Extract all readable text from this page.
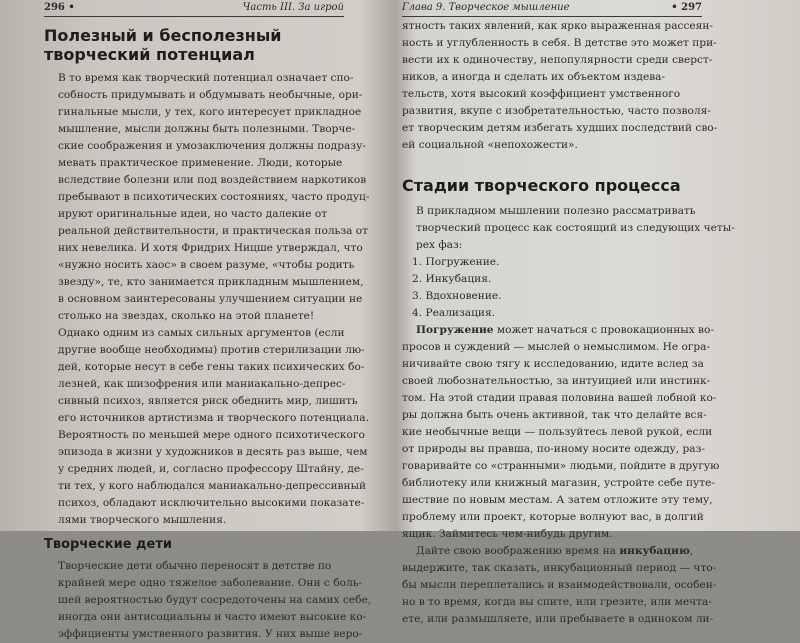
296 •	Часть III. За игрой
Полезный и бесполезный творческий потенциал

В то время как творческий потенциал означает спо-
собность придумывать и обдумывать необычные, ори-
гинальные мысли, у тех, кого интересует прикладное
мышление, мысли должны быть полезными. Творче-
ские соображения и умозаключения должны подразу-
мевать практическое применение. Люди, которые
вследствие болезни или под воздействием наркотиков
пребывают в психотических состояниях, часто продуц-
ируют оригинальные идеи, но часто далекие от
реальной действительности, и практическая польза от
них невелика. И хотя Фридрих Ницше утверждал, что
«нужно носить хаос» в своем разуме, «чтобы родить
звезду», те, кто занимается прикладным мышлением,
в основном заинтересованы улучшением ситуации не
столько на звездах, сколько на этой планете!

Однако одним из самых сильных аргументов (если
другие вообще необходимы) против стерилизации лю-
дей, которые несут в себе гены таких психических бо-
лезней, как шизофрения или маниакально-депрес-
сивный психоз, является риск обеднить мир, лишить
его источников артистизма и творческого потенциала.
Вероятность по меньшей мере одного психотического
эпизода в жизни у художников в десять раз выше, чем
у средних людей, и, согласно профессору Штайну, де-
ти тех, у кого наблюдался маниакально-депрессивный
психоз, обладают исключительно высокими показате-
лями творческого мышления.

Творческие дети

Творческие дети обычно переносят в детстве по
крайней мере одно тяжелое заболевание. Они с боль-
шей вероятностью будут сосредоточены на самих себе,
иногда они антисоциальны и часто имеют высокие ко-
эффициенты умственного развития. У них выше веро-

Глава 9. Творческое мышление	• 297

ятность таких явлений, как ярко выраженная рассеян-
ность и углубленность в себя. В детстве это может при-
вести их к одиночеству, непопулярности среди сверст-
ников, а иногда и сделать их объектом издева-
тельств, хотя высокий коэффициент умственного
развития, вкупе с изобретательностью, часто позволя-
ет творческим детям избегать худших последствий сво-
ей социальной «непохожести».

Стадии творческого процесса

В прикладном мышлении полезно рассматривать
творческий процесс как состоящий из следующих четы-
рех фаз:

1. Погружение.
2. Инкубация.
3. Вдохновение.
4. Реализация.

Погружение может начаться с провокационных во-
просов и суждений — мыслей о немыслимом. Не огра-
ничивайте свою тягу к исследованию, идите вслед за
своей любознательностью, за интуицией или инстинк-
том. На этой стадии правая половина вашей лобной ко-
ры должна быть очень активной, так что делайте вся-
кие необычные вещи — пользуйтесь левой рукой, если
от природы вы правша, по-иному носите одежду, раз-
говаривайте со «странными» людьми, пойдите в другую
библиотеку или книжный магазин, устройте себе путе-
шествие по новым местам. А затем отложите эту тему,
проблему или проект, которые волнуют вас, в долгий
ящик. Займитесь чем-нибудь другим.

Дайте свою воображению время на инкубацию,
выдержите, так сказать, инкубационный период — что-
бы мысли переплетались и взаимодействовали, особен-
но в то время, когда вы спите, или грезите, или мечта-
ете, или размышляете, или пребываете в одиноком ли-
